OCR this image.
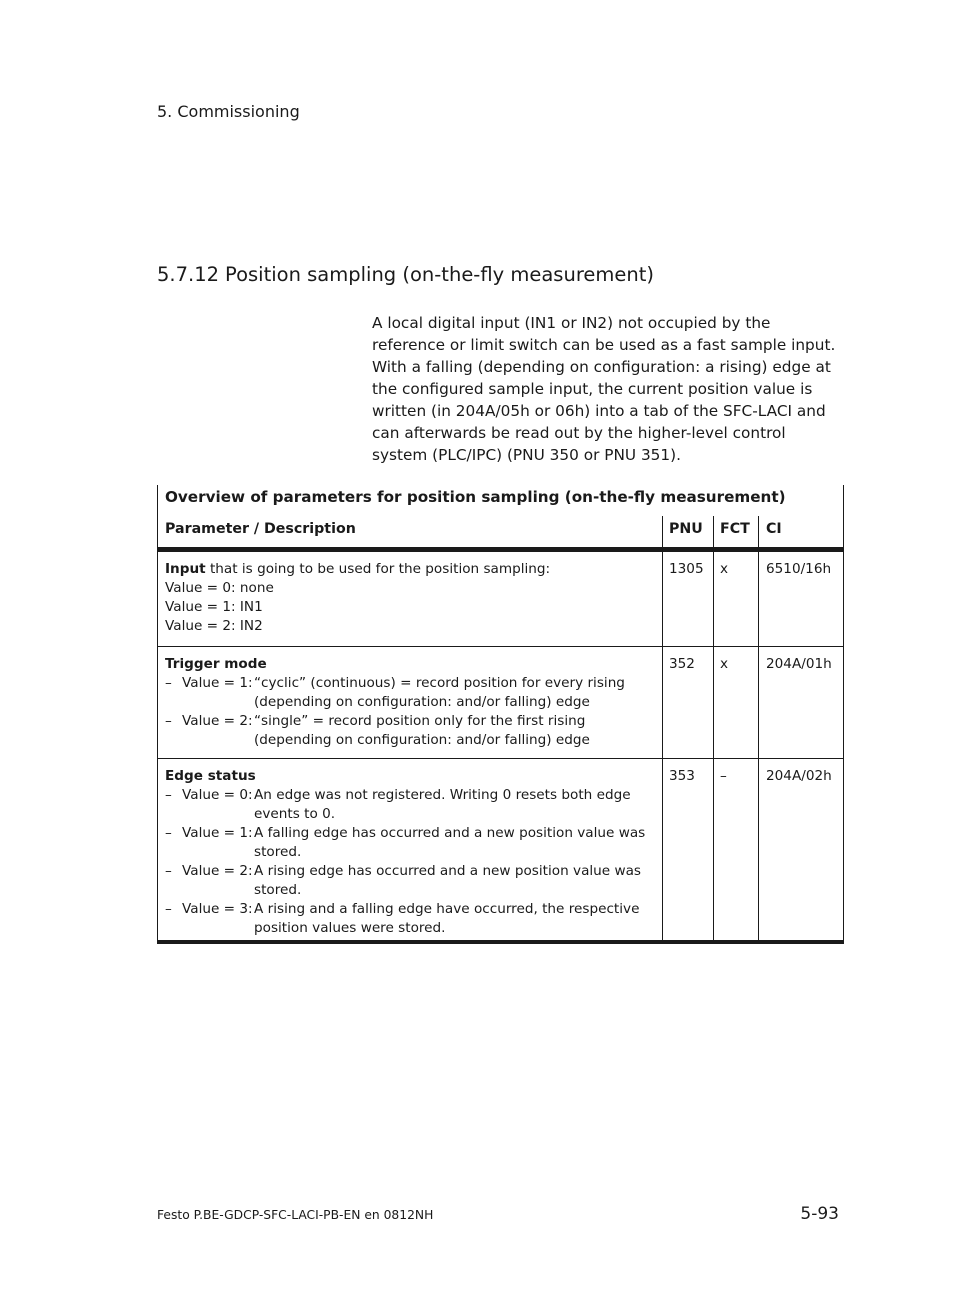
5. Commissioning
5.7.12 Position sampling (on-the-fly measurement)

A local digital input (IN1 or IN2) not occupied by the reference or limit switch can be used as a fast sample input. With a falling (depending on configuration: a rising) edge at the configured sample input, the current position value is written (in 204A/05h or 06h) into a tab of the SFC-LACI and can afterwards be read out by the higher-level control system (PLC/IPC) (PNU 350 or PNU 351).

Overview of parameters for position sampling (on-the-fly measurement)
Parameter / Description	PNU	FCT	CI
Input that is going to be used for the position sampling:
Value = 0: none
Value = 1: IN1
Value = 2: IN2
1305	x	6510/16h
Trigger mode
– Value = 1: “cyclic” (continuous) = record position for every rising
(depending on configuration: and/or falling) edge
– Value = 2: “single” = record position only for the first rising
(depending on configuration: and/or falling) edge
352	x	204A/01h
Edge status
– Value = 0: An edge was not registered. Writing 0 resets both edge
events to 0.
– Value = 1: A falling edge has occurred and a new position value was
stored.
– Value = 2: A rising edge has occurred and a new position value was
stored.
– Value = 3: A rising and a falling edge have occurred, the respective
position values were stored.
353	–	204A/02h
Festo P.BE-GDCP-SFC-LACI-PB-EN en 0812NH	5-93
